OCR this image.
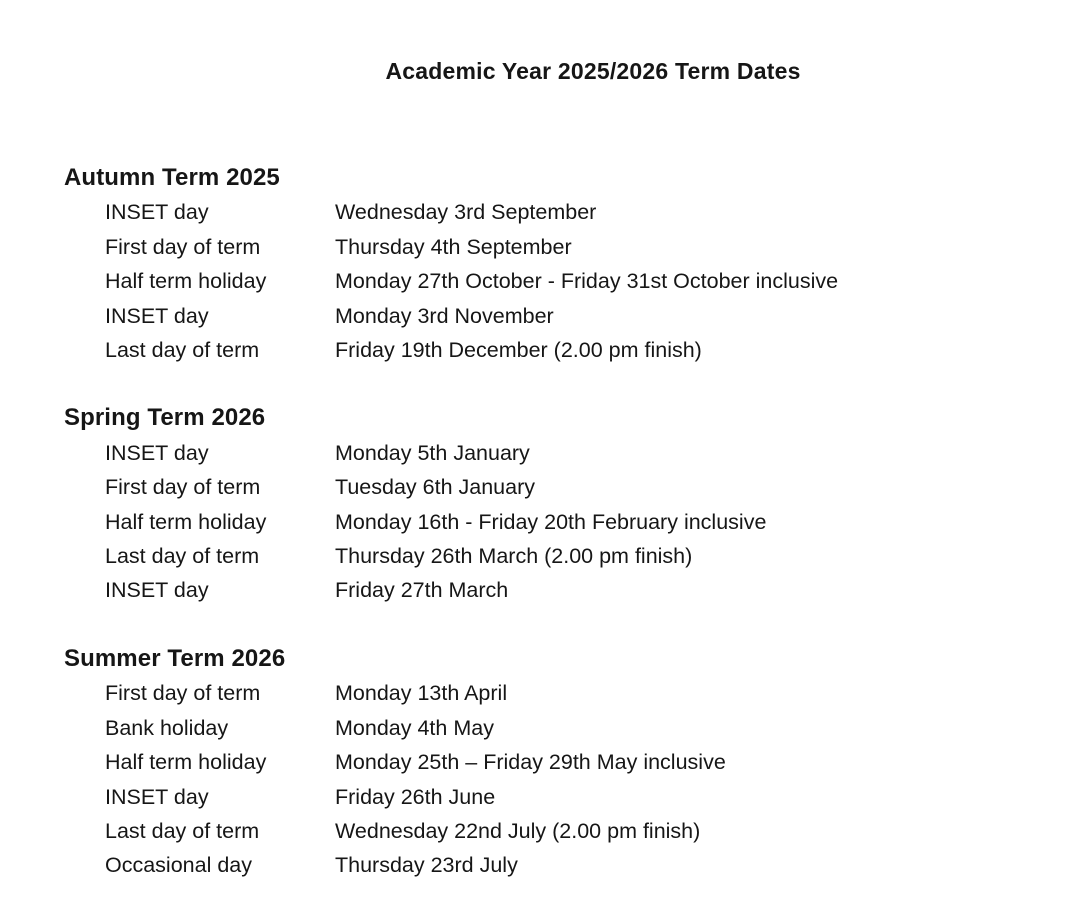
Academic Year 2025/2026 Term Dates
Autumn Term 2025
INSET day	Wednesday 3rd September
First day of term	Thursday 4th September
Half term holiday	Monday 27th October - Friday 31st October inclusive
INSET day	Monday 3rd November
Last day of term	Friday 19th December (2.00 pm finish)
Spring Term 2026
INSET day	Monday 5th January
First day of term	Tuesday 6th January
Half term holiday	Monday 16th - Friday 20th February inclusive
Last day of term	Thursday 26th March (2.00 pm finish)
INSET day	Friday 27th March
Summer Term 2026
First day of term	Monday 13th April
Bank holiday	Monday 4th May
Half term holiday	Monday 25th – Friday 29th May inclusive
INSET day	Friday 26th June
Last day of term	Wednesday 22nd July (2.00 pm finish)
Occasional day	Thursday 23rd July
